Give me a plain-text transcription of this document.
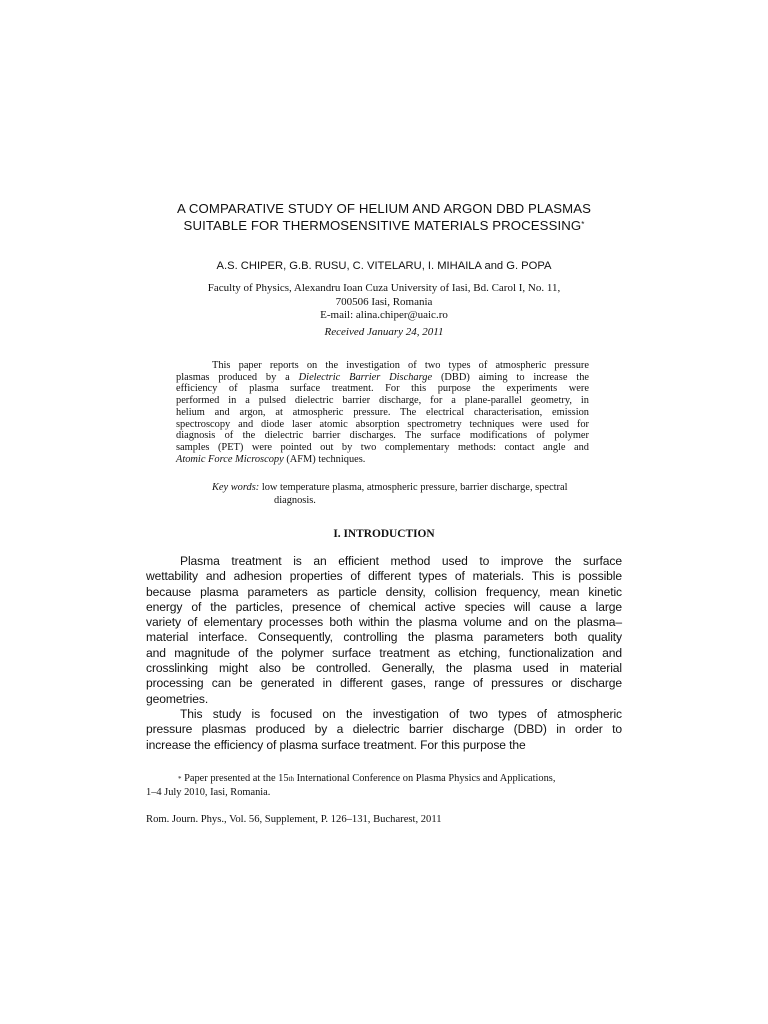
A COMPARATIVE STUDY OF HELIUM AND ARGON DBD PLASMAS
SUITABLE FOR THERMOSENSITIVE MATERIALS PROCESSING*
A.S. CHIPER, G.B. RUSU, C. VITELARU, I. MIHAILA and G. POPA
Faculty of Physics, Alexandru Ioan Cuza University of Iasi, Bd. Carol I, No. 11,
700506 Iasi, Romania
E-mail: alina.chiper@uaic.ro
Received January 24, 2011
This paper reports on the investigation of two types of atmospheric pressure
plasmas produced by a Dielectric Barrier Discharge (DBD) aiming to increase the
efficiency of plasma surface treatment. For this purpose the experiments were
performed in a pulsed dielectric barrier discharge, for a plane-parallel geometry, in
helium and argon, at atmospheric pressure. The electrical characterisation, emission
spectroscopy and diode laser atomic absorption spectrometry techniques were used for
diagnosis of the dielectric barrier discharges. The surface modifications of polymer
samples (PET) were pointed out by two complementary methods: contact angle and
Atomic Force Microscopy (AFM) techniques.
Key words: low temperature plasma, atmospheric pressure, barrier discharge, spectral
diagnosis.
I. INTRODUCTION
Plasma treatment is an efficient method used to improve the surface
wettability and adhesion properties of different types of materials. This is possible
because plasma parameters as particle density, collision frequency, mean kinetic
energy of the particles, presence of chemical active species will cause a large
variety of elementary processes both within the plasma volume and on the plasma–
material interface. Consequently, controlling the plasma parameters both quality
and magnitude of the polymer surface treatment as etching, functionalization and
crosslinking might also be controlled. Generally, the plasma used in material
processing can be generated in different gases, range of pressures or discharge
geometries.
This study is focused on the investigation of two types of atmospheric
pressure plasmas produced by a dielectric barrier discharge (DBD) in order to
increase the efficiency of plasma surface treatment. For this purpose the
* Paper presented at the 15th International Conference on Plasma Physics and Applications,
1–4 July 2010, Iasi, Romania.
Rom. Journ. Phys., Vol. 56, Supplement, P. 126–131, Bucharest, 2011
